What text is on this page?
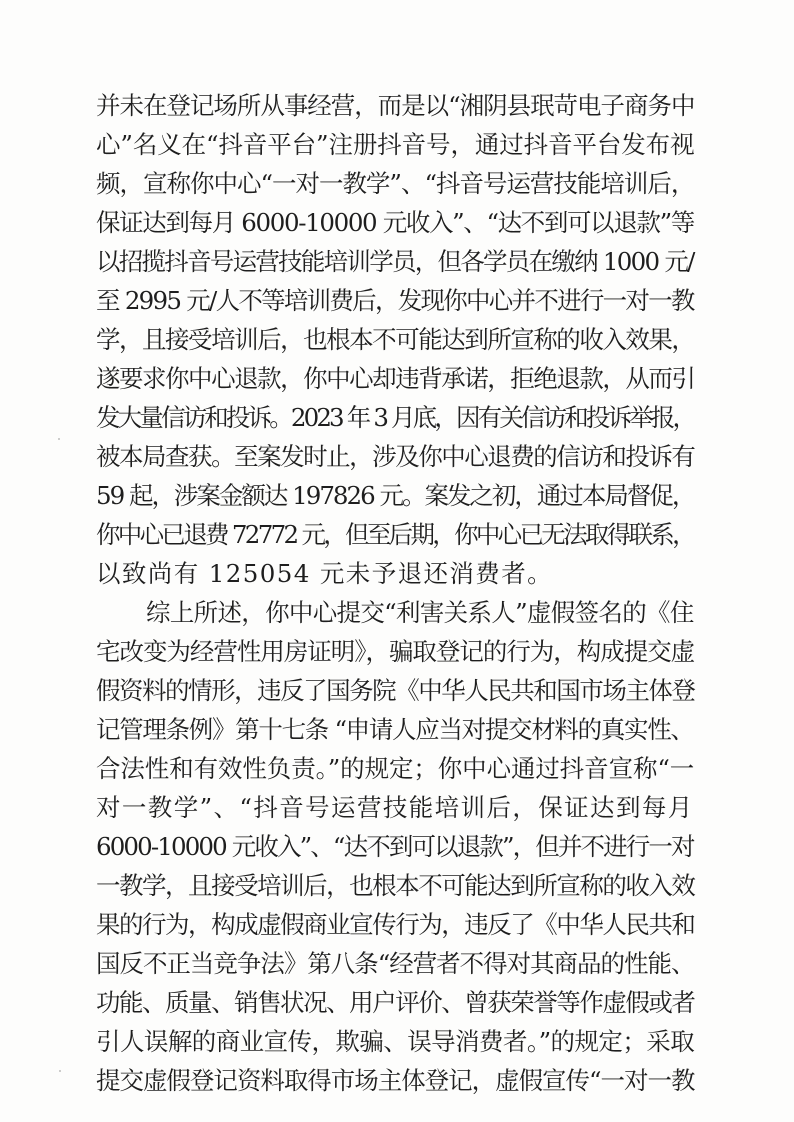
并未在登记场所从事经营，而是以“湘阴县珉苛电子商务中
心”名义在“抖音平台”注册抖音号，通过抖音平台发布视
频，宣称你中心“一对一教学”、“抖音号运营技能培训后，
保证达到每月 6000-10000 元收入”、“达不到可以退款”等
以招揽抖音号运营技能培训学员，但各学员在缴纳 1000 元/
至 2995 元/人不等培训费后，发现你中心并不进行一对一教
学，且接受培训后，也根本不可能达到所宣称的收入效果，
遂要求你中心退款，你中心却违背承诺，拒绝退款，从而引
发大量信访和投诉。2023 年 3 月底，因有关信访和投诉举报，
被本局查获。至案发时止，涉及你中心退费的信访和投诉有
59 起，涉案金额达 197826 元。案发之初，通过本局督促，
你中心已退费 72772 元，但至后期，你中心已无法取得联系，
以致尚有 125054 元未予退还消费者。
综上所述，你中心提交“利害关系人”虚假签名的《住
宅改变为经营性用房证明》，骗取登记的行为，构成提交虚
假资料的情形，违反了国务院《中华人民共和国市场主体登
记管理条例》第十七条 “申请人应当对提交材料的真实性、
合法性和有效性负责。”的规定；你中心通过抖音宣称“一
对一教学”、“抖音号运营技能培训后，保证达到每月
6000-10000 元收入”、“达不到可以退款”，但并不进行一对
一教学，且接受培训后，也根本不可能达到所宣称的收入效
果的行为，构成虚假商业宣传行为，违反了《中华人民共和
国反不正当竞争法》第八条“经营者不得对其商品的性能、
功能、质量、销售状况、用户评价、曾获荣誉等作虚假或者
引人误解的商业宣传，欺骗、误导消费者。”的规定；采取
提交虚假登记资料取得市场主体登记，虚假宣传“一对一教
